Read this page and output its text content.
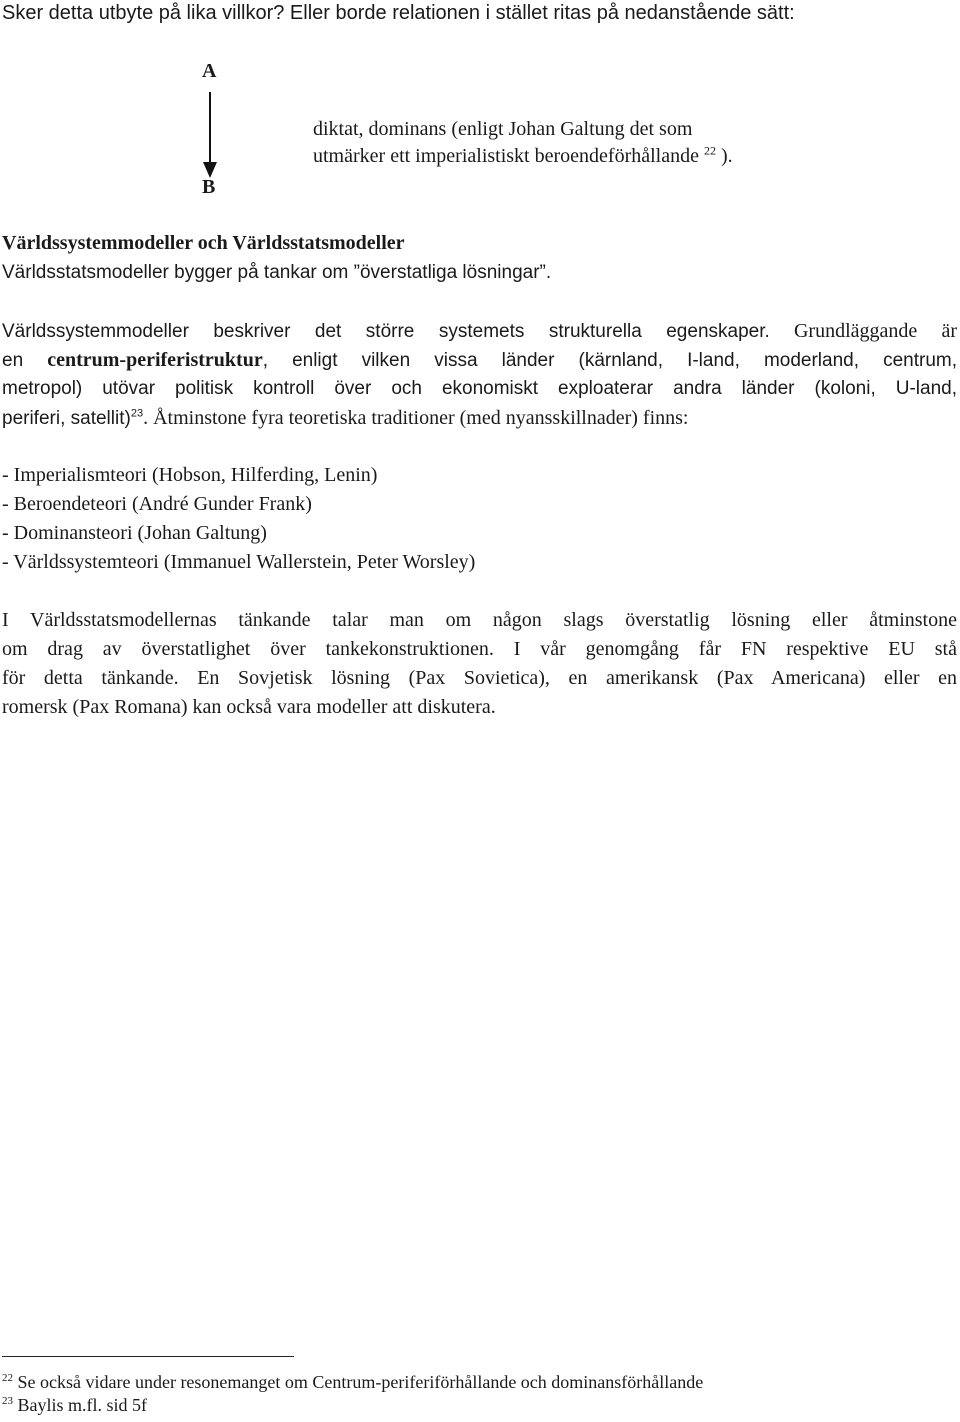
Sker detta utbyte på lika villkor? Eller borde relationen i stället ritas på nedanstående sätt:
A
B
diktat, dominans (enligt Johan Galtung det som
utmärker ett imperialistiskt beroendeförhållande $^{22}$ ).
Världssystemmodeller och Världsstatsmodeller
Världsstatsmodeller bygger på tankar om ”överstatliga lösningar”.
Världssystemmodeller beskriver det större systemets strukturella egenskaper. Grundläggande är
en centrum-periferistruktur, enligt vilken vissa länder (kärnland, I-land, moderland, centrum,
metropol) utövar politisk kontroll över och ekonomiskt exploaterar andra länder (koloni, U-land,
periferi, satellit)$^{23}$. Åtminstone fyra teoretiska traditioner (med nyansskillnader) finns:
- Imperialismteori (Hobson, Hilferding, Lenin)
- Beroendeteori (André Gunder Frank)
- Dominansteori (Johan Galtung)
- Världssystemteori (Immanuel Wallerstein, Peter Worsley)
I Världsstatsmodellernas tänkande talar man om någon slags överstatlig lösning eller åtminstone
om drag av överstatlighet över tankekonstruktionen. I vår genomgång får FN respektive EU stå
för detta tänkande. En Sovjetisk lösning (Pax Sovietica), en amerikansk (Pax Americana) eller en
romersk (Pax Romana) kan också vara modeller att diskutera.
$^{22}$ Se också vidare under resonemanget om Centrum-periferiförhållande och dominansförhållande
$^{23}$ Baylis m.fl. sid 5f
